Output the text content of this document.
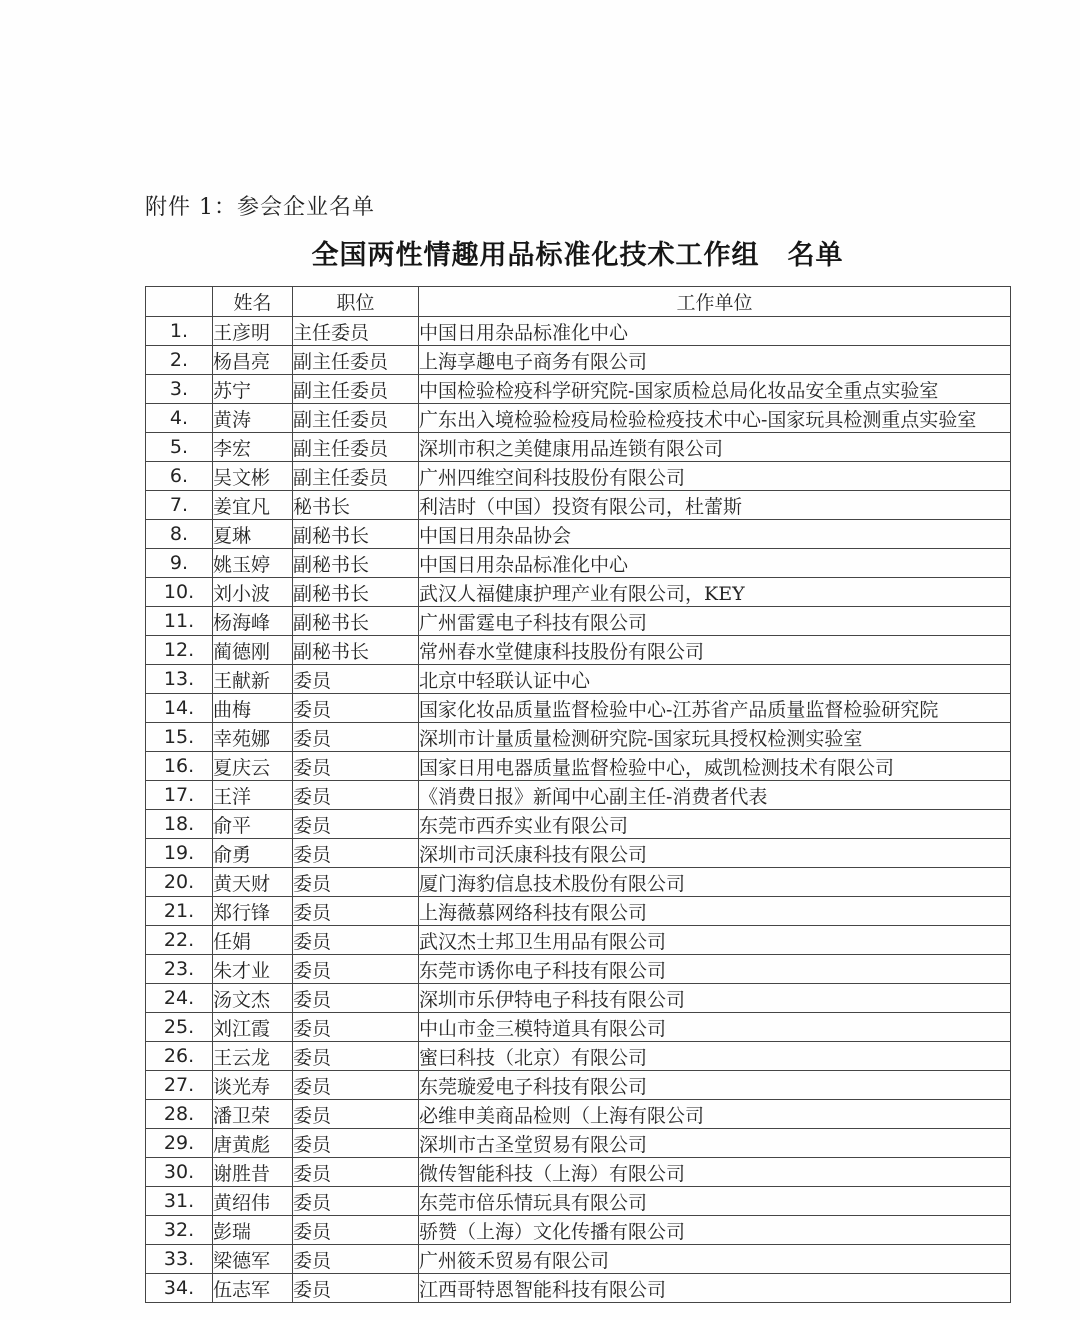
附件 1：参会企业名单
全国两性情趣用品标准化技术工作组　名单
	姓名	职位	工作单位
1.	王彦明	主任委员	中国日用杂品标准化中心
2.	杨昌亮	副主任委员	上海享趣电子商务有限公司
3.	苏宁	副主任委员	中国检验检疫科学研究院-国家质检总局化妆品安全重点实验室
4.	黄涛	副主任委员	广东出入境检验检疫局检验检疫技术中心-国家玩具检测重点实验室
5.	李宏	副主任委员	深圳市积之美健康用品连锁有限公司
6.	吴文彬	副主任委员	广州四维空间科技股份有限公司
7.	姜宜凡	秘书长	利洁时（中国）投资有限公司，杜蕾斯
8.	夏琳	副秘书长	中国日用杂品协会
9.	姚玉婷	副秘书长	中国日用杂品标准化中心
10.	刘小波	副秘书长	武汉人福健康护理产业有限公司，KEY
11.	杨海峰	副秘书长	广州雷霆电子科技有限公司
12.	蔺德刚	副秘书长	常州春水堂健康科技股份有限公司
13.	王献新	委员	北京中轻联认证中心
14.	曲梅	委员	国家化妆品质量监督检验中心-江苏省产品质量监督检验研究院
15.	幸苑娜	委员	深圳市计量质量检测研究院-国家玩具授权检测实验室
16.	夏庆云	委员	国家日用电器质量监督检验中心，威凯检测技术有限公司
17.	王洋	委员	《消费日报》新闻中心副主任-消费者代表
18.	俞平	委员	东莞市西乔实业有限公司
19.	俞勇	委员	深圳市司沃康科技有限公司
20.	黄天财	委员	厦门海豹信息技术股份有限公司
21.	郑行锋	委员	上海薇慕网络科技有限公司
22.	任娟	委员	武汉杰士邦卫生用品有限公司
23.	朱才业	委员	东莞市诱你电子科技有限公司
24.	汤文杰	委员	深圳市乐伊特电子科技有限公司
25.	刘江霞	委员	中山市金三模特道具有限公司
26.	王云龙	委员	蜜曰科技（北京）有限公司
27.	谈光寿	委员	东莞璇爱电子科技有限公司
28.	潘卫荣	委员	必维申美商品检则（上海有限公司
29.	唐黄彪	委员	深圳市古圣堂贸易有限公司
30.	谢胜昔	委员	微传智能科技（上海）有限公司
31.	黄绍伟	委员	东莞市倍乐情玩具有限公司
32.	彭瑞	委员	骄赞（上海）文化传播有限公司
33.	梁德军	委员	广州筱禾贸易有限公司
34.	伍志军	委员	江西哥特恩智能科技有限公司
